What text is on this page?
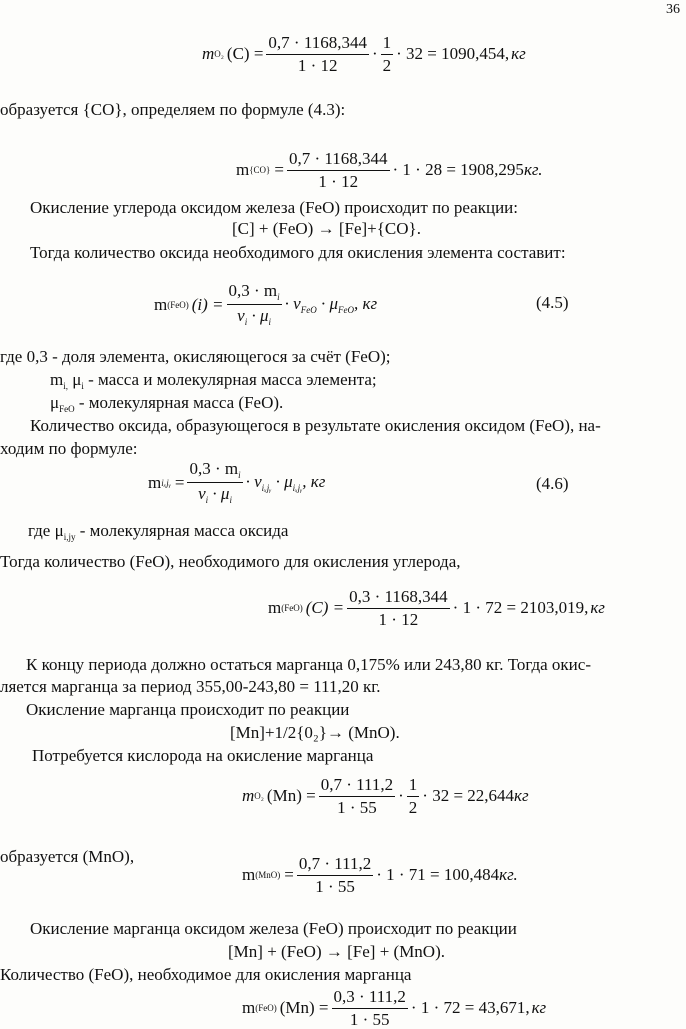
36
m O₂ $(C) = \frac{0,7 \cdot 1168,344}{1 \cdot 12} \cdot \frac{1}{2} \cdot 32 = 1090,454$, кг
образуется {CO}, определяем по формуле (4.3):
m $\{CO\} = \frac{0,7 \cdot 1168,344}{1 \cdot 12} \cdot 1 \cdot 28 = 1908,295$ кг.
Окисление углерода оксидом железа (FeO) происходит по реакции:
[C] + (FeO) → [Fe]+{CO}.
Тогда количество оксида необходимого для окисления элемента составит:
m (FeO) $(i) = \frac{0,3 \cdot m_i}{\nu_i \cdot \mu_i} \cdot \nu_{FeO} \cdot \mu_{FeO}$, кг	(4.5)
где 0,3 - доля элемента, окисляющегося за счёт (FeO);
$m_{i,}$ $\mu_i$ - масса и молекулярная масса элемента;
$\mu_{FeO}$ - молекулярная масса (FeO).
Количество оксида, образующегося в результате окисления оксидом (FeO), на-
ходим по формуле:
m iₓjᵧ = $\frac{0,3 \cdot m_i}{\nu_i \cdot \mu_i} \cdot \nu_{i_xjᵧ} \cdot \mu_{i_xjᵧ}$, кг	(4.6)
где $\mu_{i,jy}$ - молекулярная масса оксида
Тогда количество (FeO), необходимого для окисления углерода,
m (FeO) $(C) = \frac{0,3 \cdot 1168,344}{1 \cdot 12} \cdot 1 \cdot 72 = 2103,019$, кг
К концу периода должно остаться марганца 0,175% или 243,80 кг. Тогда окис-
ляется марганца за период 355,00-243,80 = 111,20 кг.
Окисление марганца происходит по реакции
[Mn]+1/2{0₂}→ (MnO).
Потребуется кислорода на окисление марганца
m O₂ $(Mn) = \frac{0,7 \cdot 111,2}{1 \cdot 55} \cdot \frac{1}{2} \cdot 32 = 22,644$ кг
образуется (MnO),
m $(MnO) = \frac{0,7 \cdot 111,2}{1 \cdot 55} \cdot 1 \cdot 71 = 100,484$ кг.
Окисление марганца оксидом железа (FeO) происходит по реакции
[Mn] + (FeO) → [Fe] + (MnO).
Количество (FeO), необходимое для окисления марганца
m (FeO) $(Mn) = \frac{0,3 \cdot 111,2}{1 \cdot 55} \cdot 1 \cdot 72 = 43,671$, кг
